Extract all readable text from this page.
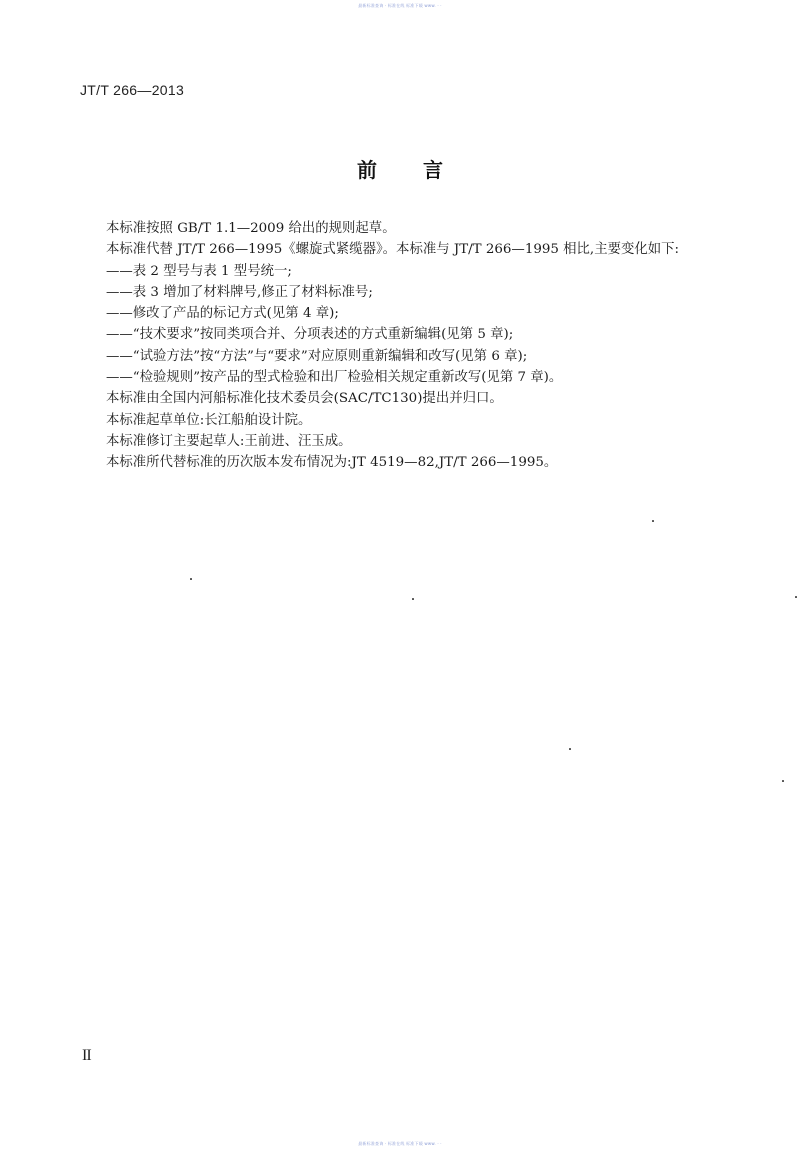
最新标准查询 · 标准在线 标准下载 www. · ·
JT/T 266—2013
前言
本标准按照 GB/T 1.1—2009 给出的规则起草。
本标准代替 JT/T 266—1995《螺旋式紧缆器》。本标准与 JT/T 266—1995 相比,主要变化如下:
——表 2 型号与表 1 型号统一;
——表 3 增加了材料牌号,修正了材料标准号;
——修改了产品的标记方式(见第 4 章);
——“技术要求”按同类项合并、分项表述的方式重新编辑(见第 5 章);
——“试验方法”按“方法”与“要求”对应原则重新编辑和改写(见第 6 章);
——“检验规则”按产品的型式检验和出厂检验相关规定重新改写(见第 7 章)。
本标准由全国内河船标准化技术委员会(SAC/TC130)提出并归口。
本标准起草单位:长江船舶设计院。
本标准修订主要起草人:王前进、汪玉成。
本标准所代替标准的历次版本发布情况为:JT 4519—82,JT/T 266—1995。
II
最新标准查询 · 标准在线 标准下载 www. · ·
